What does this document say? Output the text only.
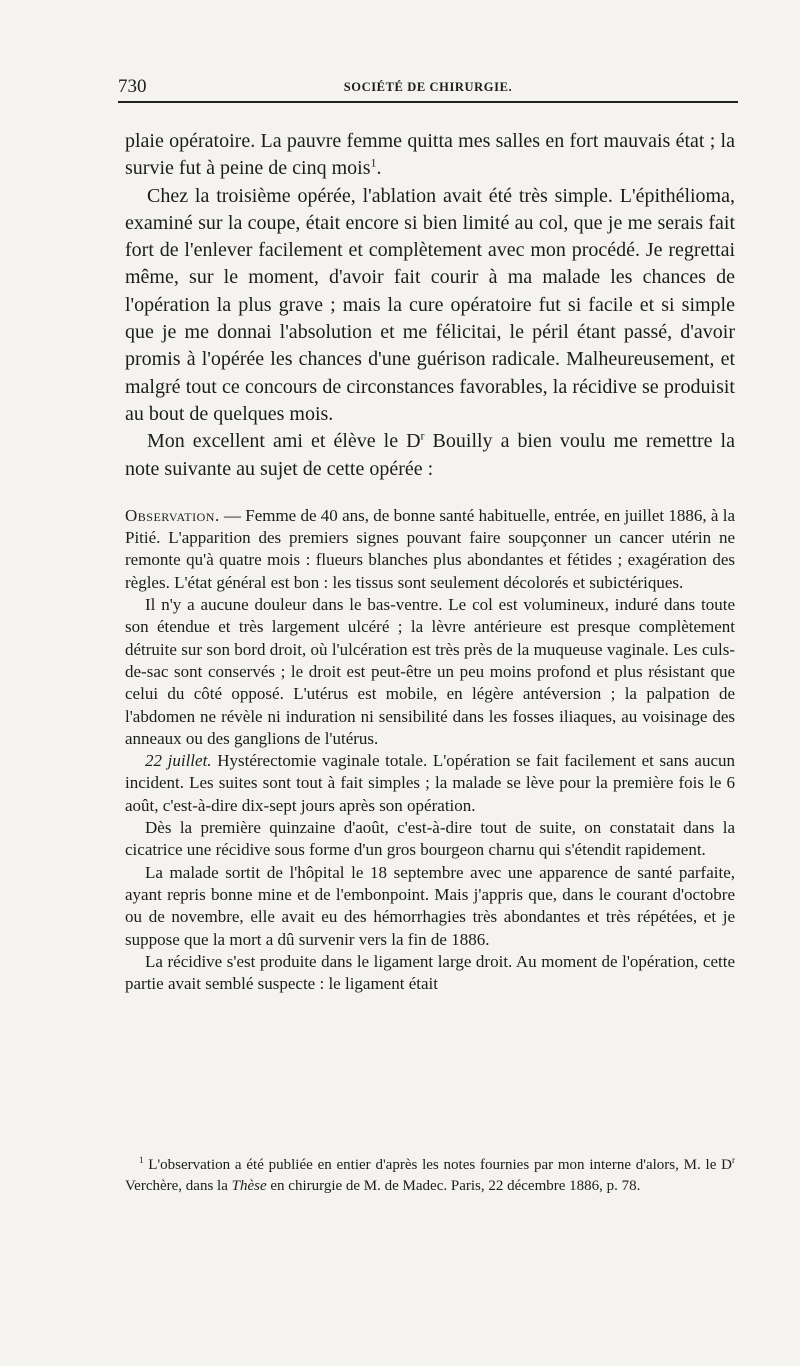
730	SOCIÉTÉ DE CHIRURGIE.

plaie opératoire. La pauvre femme quitta mes salles en fort mauvais état ; la survie fut à peine de cinq mois$^1$.

Chez la troisième opérée, l'ablation avait été très simple. L'épithélioma, examiné sur la coupe, était encore si bien limité au col, que je me serais fait fort de l'enlever facilement et complètement avec mon procédé. Je regrettai même, sur le moment, d'avoir fait courir à ma malade les chances de l'opération la plus grave ; mais la cure opératoire fut si facile et si simple que je me donnai l'absolution et me félicitai, le péril étant passé, d'avoir promis à l'opérée les chances d'une guérison radicale. Malheureusement, et malgré tout ce concours de circonstances favorables, la récidive se produisit au bout de quelques mois.

Mon excellent ami et élève le $D^r$ Bouilly a bien voulu me remettre la note suivante au sujet de cette opérée :

Observation. — Femme de 40 ans, de bonne santé habituelle, entrée, en juillet 1886, à la Pitié. L'apparition des premiers signes pouvant faire soupçonner un cancer utérin ne remonte qu'à quatre mois : flueurs blanches plus abondantes et fétides ; exagération des règles. L'état général est bon : les tissus sont seulement décolorés et subictériques.

Il n'y a aucune douleur dans le bas-ventre. Le col est volumineux, induré dans toute son étendue et très largement ulcéré ; la lèvre antérieure est presque complètement détruite sur son bord droit, où l'ulcération est très près de la muqueuse vaginale. Les culs-de-sac sont conservés ; le droit est peut-être un peu moins profond et plus résistant que celui du côté opposé. L'utérus est mobile, en légère antéversion ; la palpation de l'abdomen ne révèle ni induration ni sensibilité dans les fosses iliaques, au voisinage des anneaux ou des ganglions de l'utérus.

22 juillet. Hystérectomie vaginale totale. L'opération se fait facilement et sans aucun incident. Les suites sont tout à fait simples ; la malade se lève pour la première fois le 6 août, c'est-à-dire dix-sept jours après son opération.

Dès la première quinzaine d'août, c'est-à-dire tout de suite, on constatait dans la cicatrice une récidive sous forme d'un gros bourgeon charnu qui s'étendit rapidement.

La malade sortit de l'hôpital le 18 septembre avec une apparence de santé parfaite, ayant repris bonne mine et de l'embonpoint. Mais j'appris que, dans le courant d'octobre ou de novembre, elle avait eu des hémorrhagies très abondantes et très répétées, et je suppose que la mort a dû survenir vers la fin de 1886.

La récidive s'est produite dans le ligament large droit. Au moment de l'opération, cette partie avait semblé suspecte : le ligament était

$^1$ L'observation a été publiée en entier d'après les notes fournies par mon interne d'alors, M. le $D^r$ Verchère, dans la Thèse en chirurgie de M. de Madec. Paris, 22 décembre 1886, p. 78.
